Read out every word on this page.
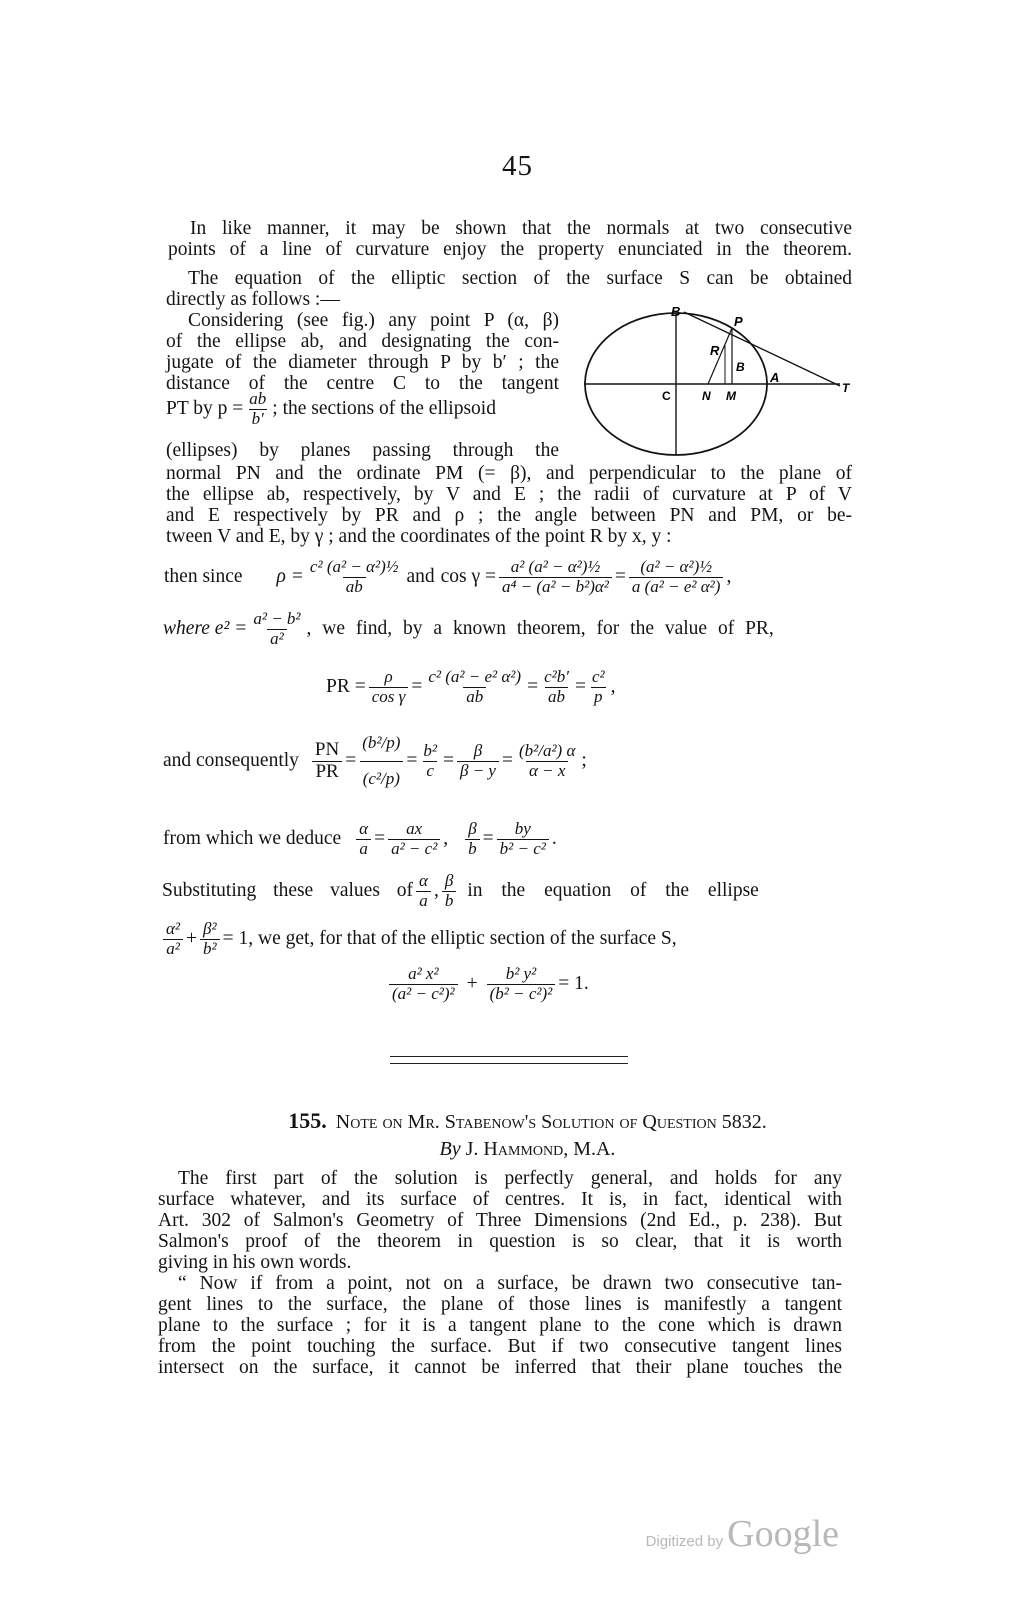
45
In like manner, it may be shown that the normals at two consecutive
points of a line of curvature enjoy the property enunciated in the theorem.
The equation of the elliptic section of the surface S can be obtained
directly as follows :—
Considering (see fig.) any point P (α, β)
of the ellipse ab, and designating the con-
jugate of the diameter through P by b′ ; the
distance of the centre C to the tangent
PT by $p = \frac{ab}{b'}$ ; the sections of the ellipsoid
(ellipses) by planes passing through the
normal PN and the ordinate PM (= β), and perpendicular to the plane of
the ellipse ab, respectively, by V and E ; the radii of curvature at P of V
and E respectively by PR and ρ ; the angle between PN and PM, or be-
tween V and E, by γ ; and the coordinates of the point R by x, y :
B
P
R
B
A
C	N M
T
then since $\rho = \frac{\text{c² (a² − α²)½}}{ab}$ and $\cos \gamma = \frac{\text{a² (a² − α²)½}}{\text{a⁴ − (a² − b²)α²}} = \frac{\text{(a² − α²)½}}{\text{a (a² − e² α²)}}$ ,
where $e^2 = \frac{\text{a² − b²}}{\text{a²}}$ , we find, by a known theorem, for the value of PR,
PR = $\frac{\rho}{\text{cos γ}} = \frac{\text{c² (a² − e² α²)}}{ab} = \frac{\text{c²b′}}{ab} = \frac{\text{c²}}{p}$ ,
and consequently $\frac{PN}{PR} = \frac{\text{(b²/p)}}{\text{(c²/p)}} = \frac{\text{b²}}{c} = \frac{\beta}{\beta - y} = \frac{\text{(b²/a²) α}}{\alpha - x}$ ;
from which we deduce $\frac{\alpha}{a} = \frac{ax}{\text{a² − c²}}$ , $\frac{\beta}{b} = \frac{by}{\text{b² − c²}}$ .
Substituting these values of $\frac{\alpha}{a}$ , $\frac{\beta}{b}$ in the equation of the ellipse
$\frac{\text{α²}}{\text{a²}} + \frac{\text{β²}}{\text{b²}} = 1$, we get, for that of the elliptic section of the surface S,
$\frac{\text{a² x²}}{\text{(a² − c²)²}} + \frac{\text{b² y²}}{\text{(b² − c²)²}} = 1$.
155. Note on Mr. Stabenow's Solution of Question 5832.
By J. Hammond, M.A.
The first part of the solution is perfectly general, and holds for any
surface whatever, and its surface of centres. It is, in fact, identical with
Art. 302 of Salmon's Geometry of Three Dimensions (2nd Ed., p. 238). But
Salmon's proof of the theorem in question is so clear, that it is worth
giving in his own words.
“ Now if from a point, not on a surface, be drawn two consecutive tan-
gent lines to the surface, the plane of those lines is manifestly a tangent
plane to the surface ; for it is a tangent plane to the cone which is drawn
from the point touching the surface. But if two consecutive tangent lines
intersect on the surface, it cannot be inferred that their plane touches the
Digitized by Google
